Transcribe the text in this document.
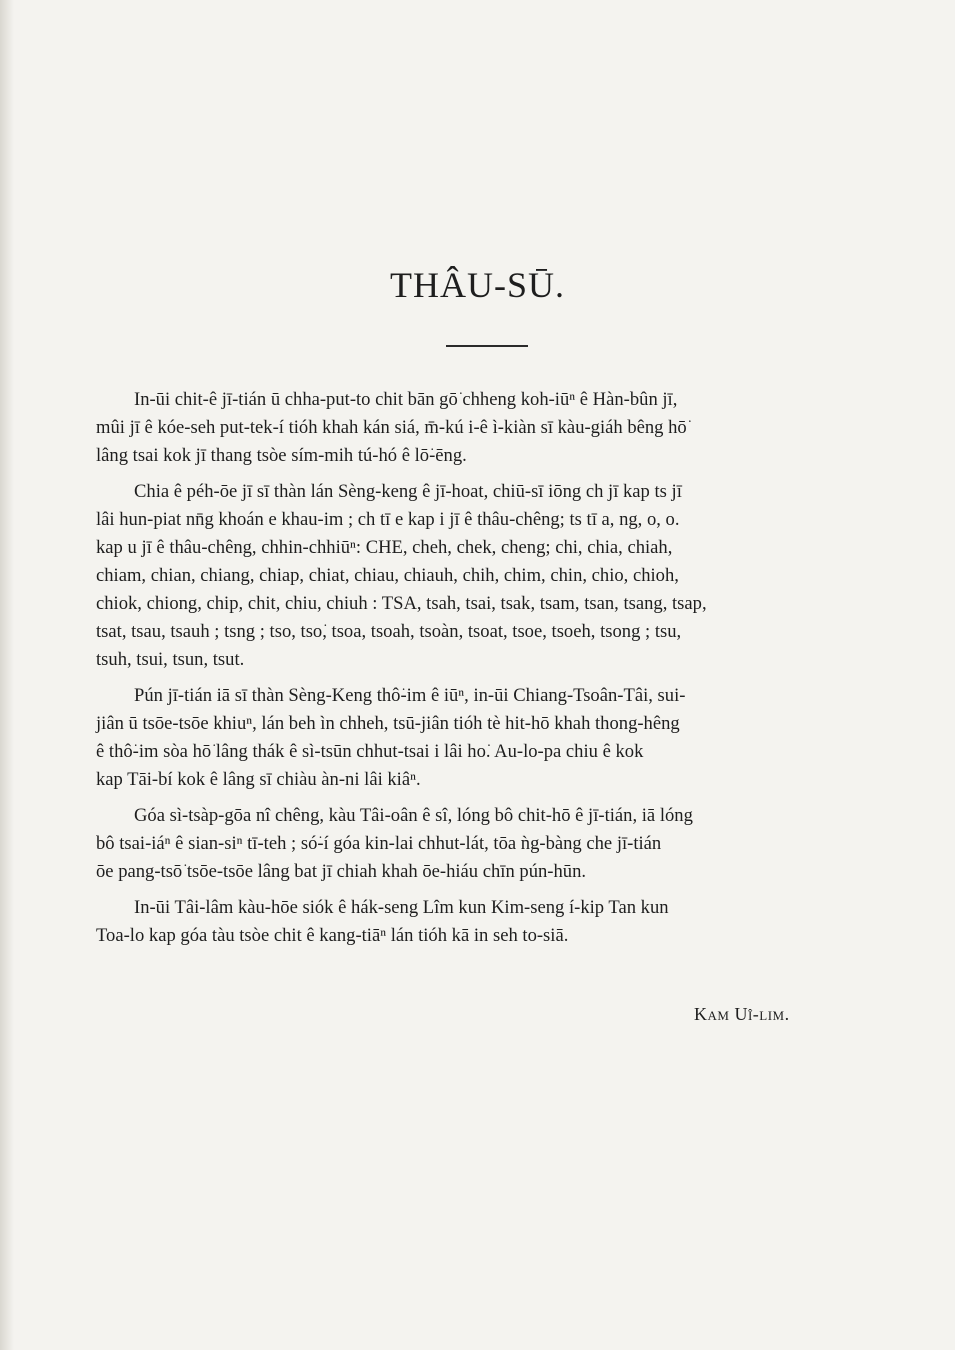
THÂU-SŪ.

In-ūi chit-ê jī-tián ū chha-put-to chit bān gō͘ chheng koh-iūⁿ ê Hàn-bûn jī,
mûi jī ê kóe-seh put-tek-í tióh khah kán siá, m̄-kú i-ê ì-kiàn sī kàu-giáh bêng hō͘
lâng tsai kok jī thang tsòe sím-mih tú-hó ê lō͘-ēng.

Chia ê péh-ōe jī sī thàn lán Sèng-keng ê jī-hoat, chiū-sī iōng ch jī kap ts jī
lâi hun-piat nn̄g khoán e khau-im ; ch tī e kap i jī ê thâu-chêng; ts tī a, ng, o, o.
kap u jī ê thâu-chêng, chhin-chhiūⁿ: CHE, cheh, chek, cheng; chi, chia, chiah,
chiam, chian, chiang, chiap, chiat, chiau, chiauh, chih, chim, chin, chio, chioh,
chiok, chiong, chip, chit, chiu, chiuh : TSA, tsah, tsai, tsak, tsam, tsan, tsang, tsap,
tsat, tsau, tsauh ; tsng ; tso, tso͘, tsoa, tsoah, tsoàn, tsoat, tsoe, tsoeh, tsong ; tsu,
tsuh, tsui, tsun, tsut.

Pún jī-tián iā sī thàn Sèng-Keng thô͘-im ê iūⁿ, in-ūi Chiang-Tsoân-Tâi, sui-
jiân ū tsōe-tsōe khiuⁿ, lán beh ìn chheh, tsū-jiân tióh tè hit-hō khah thong-hêng
ê thô͘-im sòa hō͘ lâng thák ê sì-tsūn chhut-tsai i lâi ho͘. Au-lo-pa chiu ê kok
kap Tāi-bí kok ê lâng sī chiàu àn-ni lâi kiâⁿ.

Góa sì-tsàp-gōa nî chêng, kàu Tâi-oân ê sî, lóng bô chit-hō ê jī-tián, iā lóng
bô tsai-iáⁿ ê sian-siⁿ tī-teh ; só͘-í góa kin-lai chhut-lát, tōa ǹg-bàng che jī-tián
ōe pang-tsō͘ tsōe-tsōe lâng bat jī chiah khah ōe-hiáu chīn pún-hūn.

In-ūi Tâi-lâm kàu-hōe siók ê hák-seng Lîm kun Kim-seng í-kip Tan kun
Toa-lo kap góa tàu tsòe chit ê kang-tiāⁿ lán tióh kā in seh to-siā.

Kam Uî-lim.
